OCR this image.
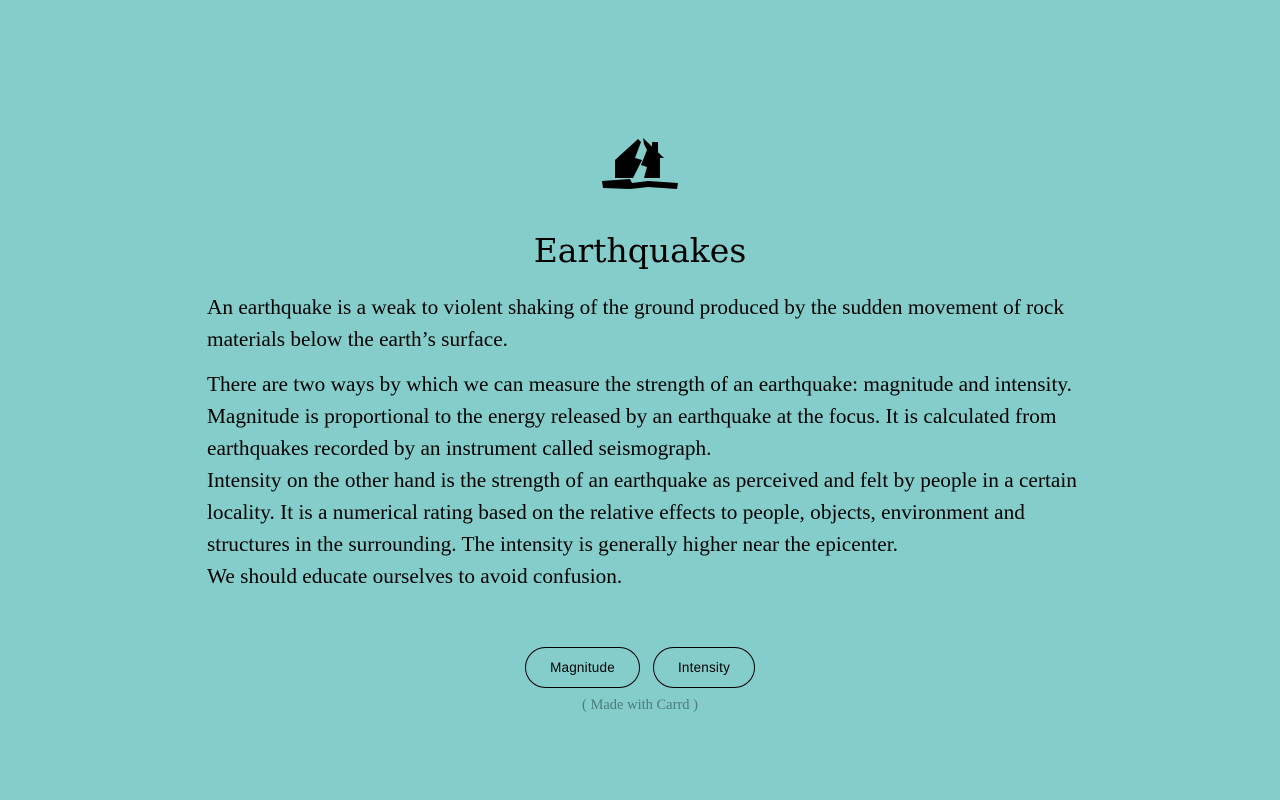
Earthquakes

An earthquake is a weak to violent shaking of the ground produced by the sudden movement of rock materials below the earth’s surface.

There are two ways by which we can measure the strength of an earthquake: magnitude and intensity. Magnitude is proportional to the energy released by an earthquake at the focus. It is calculated from earthquakes recorded by an instrument called seismograph.

Intensity on the other hand is the strength of an earthquake as perceived and felt by people in a certain locality. It is a numerical rating based on the relative effects to people, objects, environment and structures in the surrounding. The intensity is generally higher near the epicenter.

We should educate ourselves to avoid confusion.

Magnitude	Intensity
( Made with Carrd )
